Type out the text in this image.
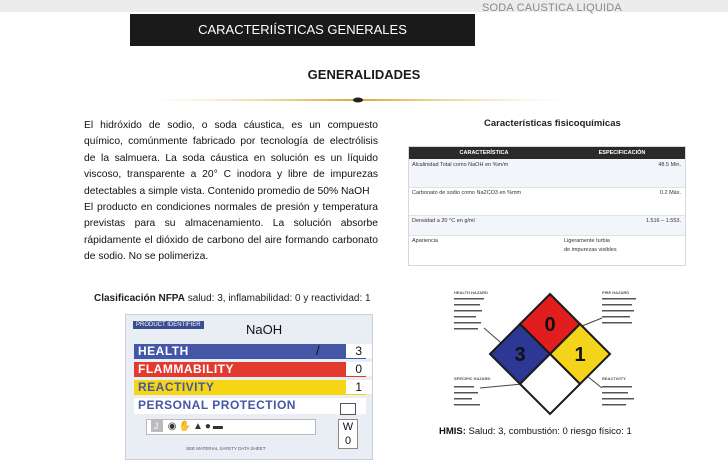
SODA CAUSTICA LIQUIDA
CARACTERIÍSTICAS GENERALES
GENERALIDADES
El hidróxido de sodio, o soda cáustica, es un compuesto químico, comúnmente fabricado por tecnología de electrólisis de la salmuera. La soda cáustica en solución es un líquido viscoso, transparente a 20° C inodora y libre de impurezas detectables a simple vista. Contenido promedio de 50% NaOH
El producto en condiciones normales de presión y temperatura previstas para su almacenamiento. La solución absorbe rápidamente el dióxido de carbono del aire formando carbonato de sodio. No se polimeriza.
Características fisicoquímicas
CARACTERÍSTICA	ESPECIFICACIÓN
Alcalinidad Total como NaOH en %m/m	48.5 Min.
Carbonato de sodio como Na2CO3 en %mm	0.2 Máx.
Densidad a 20 °C en g/ml	1.516 – 1.553.
Apariencia	Ligeramente turbia
de impurezas visibles
Clasificación NFPA salud: 3, inflamabilidad: 0 y reactividad: 1
PRODUCT IDENTIFIER	NaOH
HEALTH	3
/
FLAMMABILITY	0
REACTIVITY	1
PERSONAL PROTECTION
J ◉✋▲●▬	W
0
SEE MATERIAL SAFETY DATA SHEET
HEALTH HAZARD
SPECIFIC HAZARD
FIRE HAZARD
REACTIVITY
0
3 1
HMIS: Salud: 3, combustión: 0 riesgo físico: 1
